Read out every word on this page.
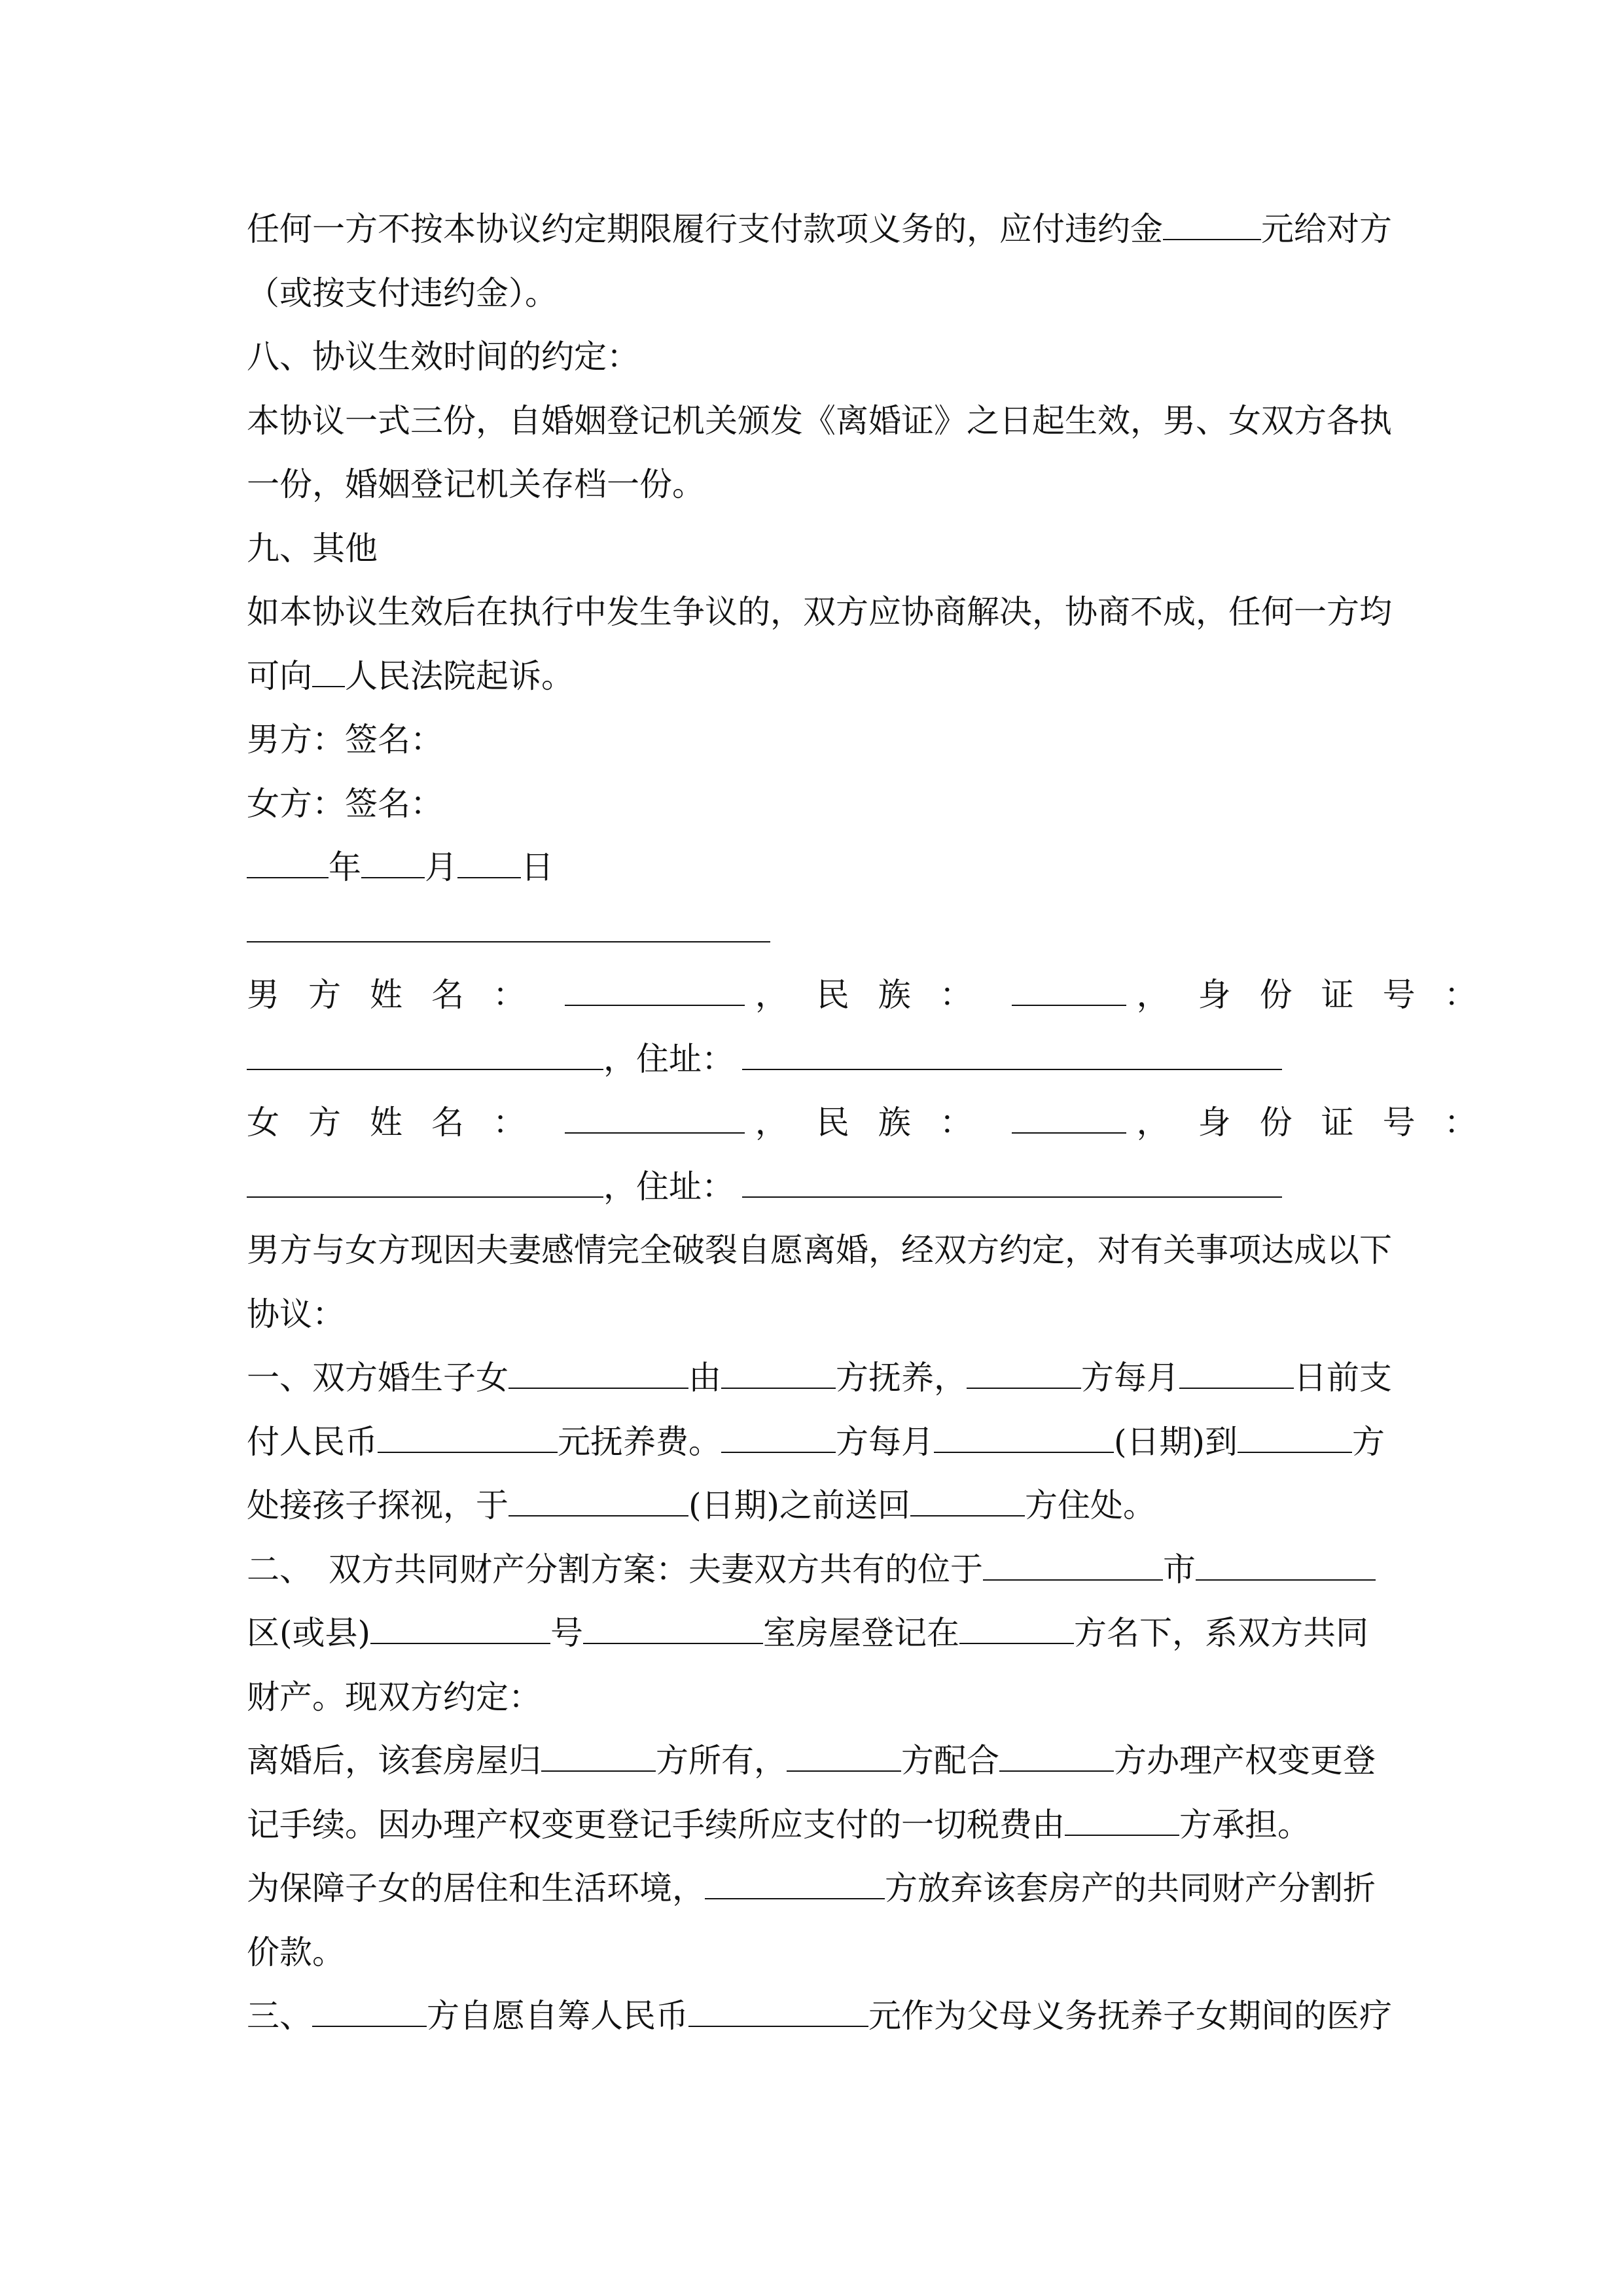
任何一方不按本协议约定期限履行支付款项义务的，应付违约金	元给对方

（或按支付违约金）。

八、协议生效时间的约定：

本协议一式三份，自婚姻登记机关颁发《离婚证》之日起生效，男、女双方各执

一份，婚姻登记机关存档一份。

九、其他

如本协议生效后在执行中发生争议的，双方应协商解决，协商不成，任何一方均

可向 人民法院起诉。

男方：签名：

女方：签名：

年 月 日

男方姓名：	，民族：	，身份证号：

，住址：

女方姓名：	，民族：	，身份证号：

，住址：

男方与女方现因夫妻感情完全破裂自愿离婚，经双方约定，对有关事项达成以下

协议：

一、双方婚生子女	由	方抚养，	方每月	日前支

付人民币	元抚养费。	方每月	(日期)到	方

处接孩子探视，于	(日期)之前送回	方住处。

二、 双方共同财产分割方案：夫妻双方共有的位于	市

区(或县)	号	室房屋登记在	方名下，系双方共同

财产。现双方约定：

离婚后，该套房屋归	方所有，	方配合	方办理产权变更登

记手续。因办理产权变更登记手续所应支付的一切税费由	方承担。

为保障子女的居住和生活环境，	方放弃该套房产的共同财产分割折

价款。

三、	方自愿自筹人民币	元作为父母义务抚养子女期间的医疗
